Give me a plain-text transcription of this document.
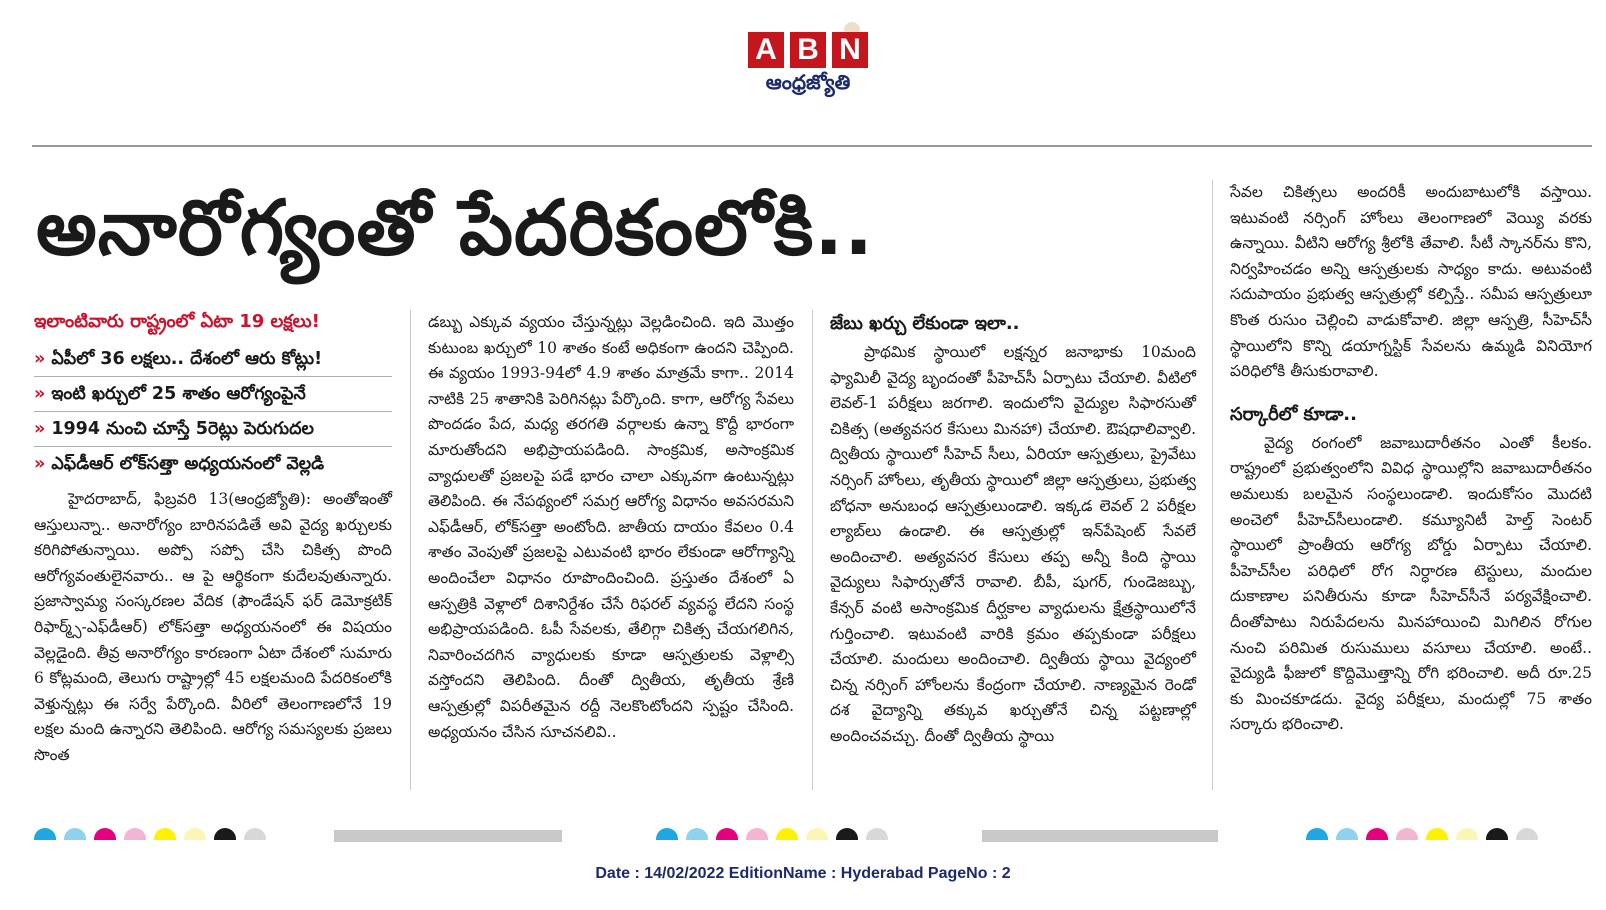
A B N
ఆంధ్రజ్యోతి
అనారోగ్యంతో పేదరికంలోకి..
ఇలాంటివారు రాష్ట్రంలో ఏటా 19 లక్షలు!
» ఏపీలో 36 లక్షలు.. దేశంలో ఆరు కోట్లు!
» ఇంటి ఖర్చులో 25 శాతం ఆరోగ్యంపైనే
» 1994 నుంచి చూస్తే 5రెట్లు పెరుగుదల
» ఎఫ్‌డీఆర్‌ లోక్‌సత్తా అధ్యయనంలో వెల్లడి

హైదరాబాద్, ఫిబ్రవరి 13(ఆంధ్రజ్యోతి): అంతోఇంతో ఆస్తులున్నా.. అనారోగ్యం బారినపడితే అవి వైద్య ఖర్చులకు కరిగిపోతున్నాయి. అప్పో సప్పో చేసి చికిత్స పొంది ఆరోగ్యవంతులైనవారు.. ఆ పై ఆర్థికంగా కుదేలవుతున్నారు. ప్రజాస్వామ్య సంస్కరణల వేదిక (ఫౌండేషన్ ఫర్ డెమోక్రటిక్ రిఫార్మ్స్-ఎఫ్‌డీఆర్) లోక్‌సత్తా అధ్యయనంలో ఈ విషయం వెల్లడైంది. తీవ్ర అనారోగ్యం కారణంగా ఏటా దేశంలో సుమారు 6 కోట్లమంది, తెలుగు రాష్ట్రాల్లో 45 లక్షలమంది పేదరికంలోకి వెళ్తున్నట్లు ఈ సర్వే పేర్కొంది. వీరిలో తెలంగాణలోనే 19 లక్షల మంది ఉన్నారని తెలిపింది. ఆరోగ్య సమస్యలకు ప్రజలు సొంత

డబ్బు ఎక్కువ వ్యయం చేస్తున్నట్లు వెల్లడించింది. ఇది మొత్తం కుటుంబ ఖర్చులో 10 శాతం కంటే అధికంగా ఉందని చెప్పింది. ఈ వ్యయం 1993-94లో 4.9 శాతం మాత్రమే కాగా.. 2014 నాటికి 25 శాతానికి పెరిగినట్లు పేర్కొంది. కాగా, ఆరోగ్య సేవలు పొందడం పేద, మధ్య తరగతి వర్గాలకు ఉన్నా కొద్దీ భారంగా మారుతోందని అభిప్రాయపడింది. సాంక్రమిక, అసాంక్రమిక వ్యాధులతో ప్రజలపై పడే భారం చాలా ఎక్కువగా ఉంటున్నట్లు తెలిపింది. ఈ నేపథ్యంలో సమగ్ర ఆరోగ్య విధానం అవసరమని ఎఫ్‌డీఆర్, లోక్‌సత్తా అంటోంది. జాతీయ దాయం కేవలం 0.4 శాతం వెంపుతో ప్రజలపై ఎటువంటి భారం లేకుండా ఆరోగ్యాన్ని అందించేలా విధానం రూపొందించింది. ప్రస్తుతం దేశంలో ఏ ఆస్పత్రికి వెళ్లాలో దిశానిర్దేశం చేసే రిఫరల్ వ్యవస్థ లేదని సంస్థ అభిప్రాయపడింది. ఓపీ సేవలకు, తేలిగ్గా చికిత్స చేయగలిగిన, నివారించదగిన వ్యాధులకు కూడా ఆస్పత్రులకు వెళ్లాల్సి వస్తోందని తెలిపింది. దీంతో ద్వితీయ, తృతీయ శ్రేణి ఆస్పత్రుల్లో విపరీతమైన రద్దీ నెలకొంటోందని స్పష్టం చేసింది. అధ్యయనం చేసిన సూచనలివి..

జేబు ఖర్చు లేకుండా ఇలా..

ప్రాథమిక స్థాయిలో లక్షన్నర జనాభాకు 10మంది ఫ్యామిలీ వైద్య బృందంతో పీహెచ్‌సీ ఏర్పాటు చేయాలి. వీటిలో లెవల్-1 పరీక్షలు జరగాలి. ఇందులోని వైద్యుల సిఫారసుతో చికిత్స (అత్యవసర కేసులు మినహా) చేయాలి. ఔషధాలివ్వాలి. ద్వితీయ స్థాయిలో సీహెచ్ సీలు, ఏరియా ఆస్పత్రులు, ప్రైవేటు నర్సింగ్ హోంలు, తృతీయ స్థాయిలో జిల్లా ఆస్పత్రులు, ప్రభుత్వ బోధనా అనుబంధ ఆస్పత్రులుండాలి. ఇక్కడ లెవల్ 2 పరీక్షల ల్యాబ్‌లు ఉండాలి. ఈ ఆస్పత్రుల్లో ఇన్‌పేషెంట్ సేవలే అందించాలి. అత్యవసర కేసులు తప్ప అన్నీ కింది స్థాయి వైద్యులు సిఫార్సుతోనే రావాలి. బీపీ, షుగర్, గుండెజబ్బు, కేన్సర్ వంటి అసాంక్రమిక దీర్ఘకాల వ్యాధులను క్షేత్రస్థాయిలోనే గుర్తించాలి. ఇటువంటి వారికి క్రమం తప్పకుండా పరీక్షలు చేయాలి. మందులు అందించాలి. ద్వితీయ స్థాయి వైద్యంలో చిన్న నర్సింగ్ హోంలను కేంద్రంగా చేయాలి. నాణ్యమైన రెండో దశ వైద్యాన్ని తక్కువ ఖర్చుతోనే చిన్న పట్టణాల్లో అందించవచ్చు. దీంతో ద్వితీయ స్థాయి

సేవల చికిత్సలు అందరికీ అందుబాటులోకి వస్తాయి. ఇటువంటి నర్సింగ్ హోంలు తెలంగాణలో వెయ్యి వరకు ఉన్నాయి. వీటిని ఆరోగ్య శ్రీలోకి తేవాలి. సీటీ స్కానర్‌ను కొని, నిర్వహించడం అన్ని ఆస్పత్రులకు సాధ్యం కాదు. అటువంటి సదుపాయం ప్రభుత్వ ఆస్పత్రుల్లో కల్పిస్తే.. సమీప ఆస్పత్రులూ కొంత రుసుం చెల్లించి వాడుకోవాలి. జిల్లా ఆస్పత్రి, సీహెచ్‌సీ స్థాయిలోని కొన్ని డయాగ్నస్టిక్ సేవలను ఉమ్మడి వినియోగ పరిధిలోకి తీసుకురావాలి.

సర్కారీలో కూడా..

వైద్య రంగంలో జవాబుదారీతనం ఎంతో కీలకం. రాష్ట్రంలో ప్రభుత్వంలోని వివిధ స్థాయిల్లోని జవాబుదారీతనం అమలుకు బలమైన సంస్థలుండాలి. ఇందుకోసం మొదటి అంచెలో పీహెచ్‌సీలుండాలి. కమ్యూనిటీ హెల్త్ సెంటర్ స్థాయిలో ప్రాంతీయ ఆరోగ్య బోర్డు ఏర్పాటు చేయాలి. పీహెచ్‌సీల పరిధిలో రోగ నిర్ధారణ టెస్టులు, మందుల దుకాణాల పనితీరును కూడా సీహెచ్‌సీనే పర్యవేక్షించాలి. దీంతోపాటు నిరుపేదలను మినహాయించి మిగిలిన రోగుల నుంచి పరిమిత రుసుములు వసూలు చేయాలి. అంటే.. వైద్యుడి ఫీజులో కొద్దిమొత్తాన్ని రోగి భరించాలి. అదీ రూ.25 కు మించకూడదు. వైద్య పరీక్షలు, మందుల్లో 75 శాతం సర్కారు భరించాలి.

Date : 14/02/2022 EditionName : Hyderabad PageNo : 2
